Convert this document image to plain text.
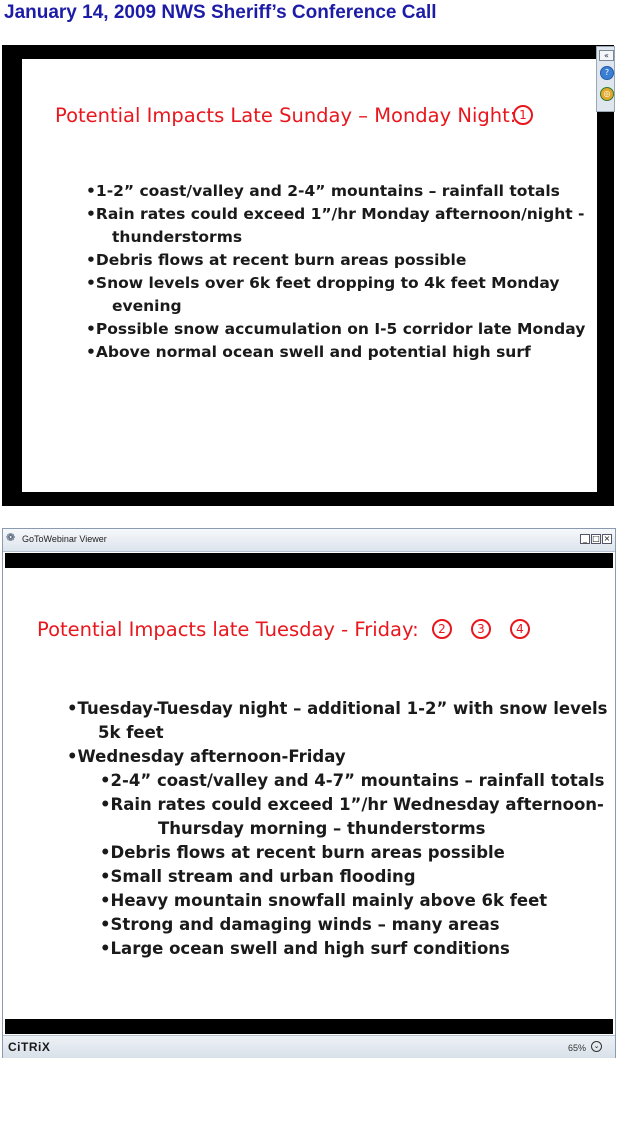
January 14, 2009 NWS Sheriff’s Conference Call
Potential Impacts Late Sunday – Monday Night: 1
•1-2” coast/valley and 2-4” mountains – rainfall totals
•Rain rates could exceed 1”/hr Monday afternoon/night -
thunderstorms
•Debris flows at recent burn areas possible
•Snow levels over 6k feet dropping to 4k feet Monday
evening
•Possible snow accumulation on I-5 corridor late Monday
•Above normal ocean swell and potential high surf
«
?
◎
❁ GoToWebinar Viewer	_ □ ×
Potential Impacts late Tuesday - Friday:	2	3	4
•Tuesday-Tuesday night – additional 1-2” with snow levels
5k feet
•Wednesday afternoon-Friday
•2-4” coast/valley and 4-7” mountains – rainfall totals
•Rain rates could exceed 1”/hr Wednesday afternoon-
Thursday morning – thunderstorms
•Debris flows at recent burn areas possible
•Small stream and urban flooding
•Heavy mountain snowfall mainly above 6k feet
•Strong and damaging winds – many areas
•Large ocean swell and high surf conditions
CiTRiX	65%	⌄
